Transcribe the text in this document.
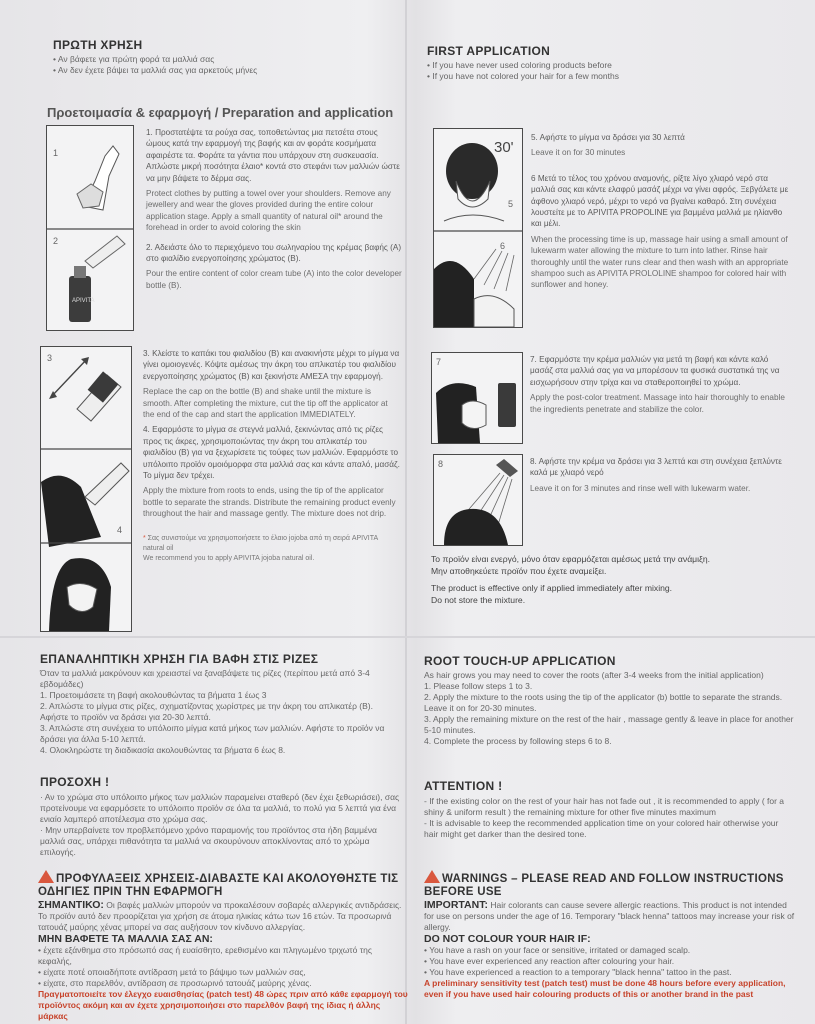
ΠΡΩΤΗ ΧΡΗΣΗ
• Αν βάφετε για πρώτη φορά τα μαλλιά σας
• Αν δεν έχετε βάψει τα μαλλιά σας για αρκετούς μήνες
FIRST APPLICATION
• If you have never used coloring products before
• If you have not colored your hair for a few months
Προετοιμασία & εφαρμογή / Preparation and application
1
2
APIVITA

1. Προστατέψτε τα ρούχα σας, τοποθετώντας μια πετσέτα στους ώμους κατά την εφαρμογή της βαφής και αν φοράτε κοσμήματα αφαιρέστε τα. Φοράτε τα γάντια που υπάρχουν στη συσκευασία. Απλώστε μικρή ποσότητα έλαιο* κοντά στο στεφάνι των μαλλιών ώστε να μην βάψετε το δέρμα σας.

Protect clothes by putting a towel over your shoulders. Remove any jewellery and wear the gloves provided during the entire colour application stage. Apply a small quantity of natural oil* around the forehead in order to avoid coloring the skin

2. Αδειάστε όλο το περιεχόμενο του σωληναρίου της κρέμας βαφής (Α) στο φιαλίδιο ενεργοποίησης χρώματος (Β).

Pour the entire content of color cream tube (A) into the color developer bottle (B).

3
4

3. Κλείστε το καπάκι του φιαλιδίου (Β) και ανακινήστε μέχρι το μίγμα να γίνει ομοιογενές. Κόψτε αμέσως την άκρη του απλικατέρ του φιαλιδίου ενεργοποίησης χρώματος (Β) και ξεκινήστε ΑΜΕΣΑ την εφαρμογή.

Replace the cap on the bottle (B) and shake until the mixture is smooth. After completing the mixture, cut the tip off the applicator at the end of the cap and start the application IMMEDIATELY.

4. Εφαρμόστε το μίγμα σε στεγνά μαλλιά, ξεκινώντας από τις ρίζες προς τις άκρες, χρησιμοποιώντας την άκρη του απλικατέρ του φιαλιδίου (Β) για να ξεχωρίσετε τις τούφες των μαλλιών. Εφαρμόστε το υπόλοιπο προϊόν ομοιόμορφα στα μαλλιά σας και κάντε απαλό, μασάζ. Το μίγμα δεν τρέχει.

Apply the mixture from roots to ends, using the tip of the applicator bottle to separate the strands. Distribute the remaining product evenly throughout the hair and massage gently. The mixture does not drip.

* Σας συνιστούμε να χρησιμοποιήσετε το έλαιο jojoba από τη σειρά APIVITA natural oil
We recommend you to apply APIVITA jojoba natural oil.

30'
5
6

5. Αφήστε το μίγμα να δράσει για 30 λεπτά

Leave it on for 30 minutes

6 Μετά το τέλος του χρόνου αναμονής, ρίξτε λίγο χλιαρό νερό στα μαλλιά σας και κάντε ελαφρύ μασάζ μέχρι να γίνει αφρός. Ξεβγάλετε με άφθονο χλιαρό νερό, μέχρι το νερό να βγαίνει καθαρό. Στη συνέχεια λουστείτε με το APIVITA PROPOLINE για βαμμένα μαλλιά με ηλίανθο και μέλι.

When the processing time is up, massage hair using a small amount of lukewarm water allowing the mixture to turn into lather. Rinse hair thoroughly until the water runs clear and then wash with an appropriate shampoo such as APIVITA PROLOLINE shampoo for colored hair with sunflower and honey.

7	7. Εφαρμόστε την κρέμα μαλλιών για μετά τη βαφή και κάντε καλό μασάζ στα μαλλιά σας για να μπορέσουν τα φυσικά συστατικά της να εισχωρήσουν στην τρίχα και να σταθεροποιηθεί το χρώμα.

Apply the post-color treatment. Massage into hair thoroughly to enable the ingredients penetrate and stabilize the color.

8	8. Αφήστε την κρέμα να δράσει για 3 λεπτά και στη συνέχεια ξεπλύντε καλά με χλιαρό νερό

Leave it on for 3 minutes and rinse well with lukewarm water.

Το προϊόν είναι ενεργό, μόνο όταν εφαρμόζεται αμέσως μετά την ανάμιξη.
Μην αποθηκεύετε προϊόν που έχετε αναμείξει.
The product is effective only if applied immediately after mixing.
Do not store the mixture.
ΕΠΑΝΑΛΗΠΤΙΚΗ ΧΡΗΣΗ ΓΙΑ ΒΑΦΗ ΣΤΙΣ ΡΙΖΕΣ
Όταν τα μαλλιά μακρύνουν και χρειαστεί να ξαναβάψετε τις ρίζες (περίπου μετά από 3-4 εβδομάδες)
1. Προετοιμάσετε τη βαφή ακολουθώντας τα βήματα 1 έως 3
2. Απλώστε το μίγμα στις ρίζες, σχηματίζοντας χωρίστρες με την άκρη του απλικατέρ (Β). Αφήστε το προϊόν να δράσει για 20-30 λεπτά.
3. Απλώστε στη συνέχεια το υπόλοιπο μίγμα κατά μήκος των μαλλιών. Αφήστε το προϊόν να δράσει για άλλα 5-10 λεπτά.
4. Ολοκληρώστε τη διαδικασία ακολουθώντας τα βήματα 6 έως 8.
ROOT TOUCH-UP APPLICATION
As hair grows you may need to cover the roots (after 3-4 weeks from the initial application)
1. Please follow steps 1 to 3.
2. Apply the mixture to the roots using the tip of the applicator (b) bottle to separate the strands. Leave it on for 20-30 minutes.
3. Apply the remaining mixture on the rest of the hair , massage gently & leave in place for another 5-10 minutes.
4. Complete the process by following steps 6 to 8.
ΠΡΟΣΟΧΗ !
· Αν το χρώμα στο υπόλοιπο μήκος των μαλλιών παραμείνει σταθερό (δεν έχει ξεθωριάσει), σας προτείνουμε να εφαρμόσετε το υπόλοιπο προϊόν σε όλα τα μαλλιά, το πολύ για 5 λεπτά για ένα ενιαίο λαμπερό αποτέλεσμα στο χρώμα σας.
· Μην υπερβαίνετε τον προβλεπόμενο χρόνο παραμονής του προϊόντος στα ήδη βαμμένα μαλλιά σας, υπάρχει πιθανότητα τα μαλλιά να σκουρύνουν αποκλίνοντας από το χρώμα επιλογής.
ATTENTION !
- If the existing color on the rest of your hair has not fade out , it is recommended to apply ( for a shiny & uniform result ) the remaining mixture for other five minutes maximum
- It is advisable to keep the recommended application time on your colored hair otherwise your hair might get darker than the desired tone.
ΠΡΟΦΥΛΑΞΕΙΣ ΧΡΗΣΕΙΣ-ΔΙΑΒΑΣΤΕ ΚΑΙ ΑΚΟΛΟΥΘΗΣΤΕ ΤΙΣ ΟΔΗΓΙΕΣ ΠΡΙΝ ΤΗΝ ΕΦΑΡΜΟΓΗ
ΣΗΜΑΝΤΙΚΟ: Οι βαφές μαλλιών μπορούν να προκαλέσουν σοβαρές αλλεργικές αντιδράσεις. Το προϊόν αυτό δεν προορίζεται για χρήση σε άτομα ηλικίας κάτω των 16 ετών. Τα προσωρινά τατουάζ μαύρης χένας μπορεί να σας αυξήσουν τον κίνδυνο αλλεργίας.
ΜΗΝ ΒΑΦΕΤΕ ΤΑ ΜΑΛΛΙΑ ΣΑΣ ΑΝ:
• έχετε εξάνθημα στο πρόσωπό σας ή ευαίσθητο, ερεθισμένο και πληγωμένο τριχωτό της κεφαλής,
• είχατε ποτέ οποιαδήποτε αντίδραση μετά το βάψιμο των μαλλιών σας,
• είχατε, στο παρελθόν, αντίδραση σε προσωρινό τατουάζ μαύρης χένας.
Πραγματοποιείτε τον έλεγχο ευαισθησίας (patch test) 48 ώρες πριν από κάθε εφαρμογή του προϊόντος ακόμη και αν έχετε χρησιμοποιήσει στο παρελθόν βαφή της ίδιας ή άλλης μάρκας
WARNINGS – PLEASE READ AND FOLLOW INSTRUCTIONS BEFORE USE
IMPORTANT: Hair colorants can cause severe allergic reactions. This product is not intended for use on persons under the age of 16. Temporary "black henna" tattoos may increase your risk of allergy.
DO NOT COLOUR YOUR HAIR IF:
• You have a rash on your face or sensitive, irritated or damaged scalp.
• You have ever experienced any reaction after colouring your hair.
• You have experienced a reaction to a temporary "black henna" tattoo in the past.
A preliminary sensitivity test (patch test) must be done 48 hours before every application, even if you have used hair colouring products of this or another brand in the past
